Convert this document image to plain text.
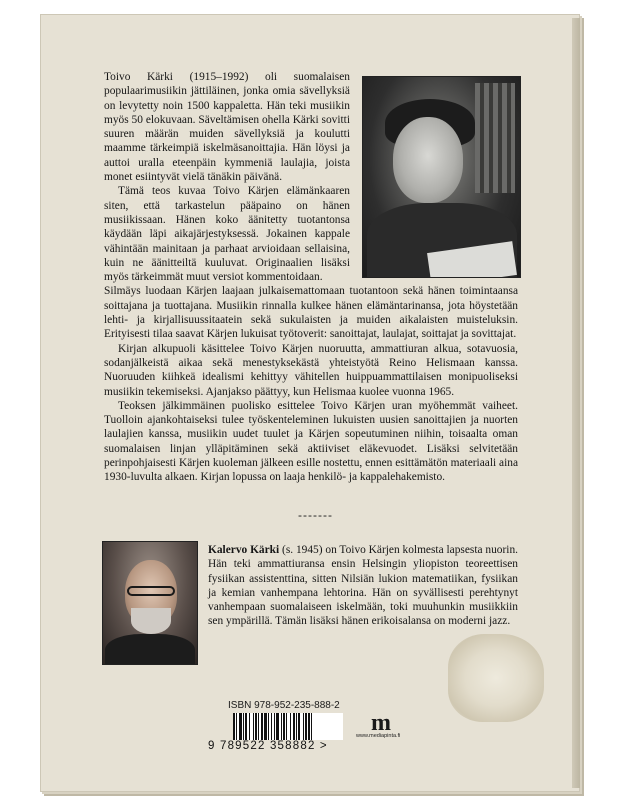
Toivo Kärki (1915–1992) oli suomalaisen populaarimusiikin jättiläinen, jonka omia sävellyksiä on levytetty noin 1500 kappaletta. Hän teki musiikin myös 50 elokuvaan. Säveltämisen ohella Kärki sovitti suuren määrän muiden sävellyksiä ja koulutti maamme tärkeimpiä iskelmäsanoittajia. Hän löysi ja auttoi uralla eteenpäin kymmeniä laulajia, joista monet esiintyvät vielä tänäkin päivänä.

Tämä teos kuvaa Toivo Kärjen elämänkaaren siten, että tarkastelun pääpaino on hänen musiikissaan. Hänen koko äänitetty tuotantonsa käydään läpi aikajärjestyksessä. Jokainen kappale vähintään mainitaan ja parhaat arvioidaan sellaisina, kuin ne äänitteiltä kuuluvat. Originaalien lisäksi myös tärkeimmät muut versiot kommentoidaan.

Silmäys luodaan Kärjen laajaan julkaisemattomaan tuotantoon sekä hänen toimintaansa soittajana ja tuottajana. Musiikin rinnalla kulkee hänen elämäntarinansa, jota höystetään lehti- ja kirjallisuussitaatein sekä sukulaisten ja muiden aikalaisten muisteluksin. Erityisesti tilaa saavat Kärjen lukuisat työtoverit: sanoittajat, laulajat, soittajat ja sovittajat.

Kirjan alkupuoli käsittelee Toivo Kärjen nuoruutta, ammattiuran alkua, sotavuosia, sodanjälkeistä aikaa sekä menestyksekästä yhteistyötä Reino Helismaan kanssa. Nuoruuden kiihkeä idealismi kehittyy vähitellen huippuammattilaisen monipuoliseksi musiikin tekemiseksi. Ajanjakso päättyy, kun Helismaa kuolee vuonna 1965.

Teoksen jälkimmäinen puolisko esittelee Toivo Kärjen uran myöhemmät vaiheet. Tuolloin ajankohtaiseksi tulee työskenteleminen lukuisten uusien sanoittajien ja nuorten laulajien kanssa, musiikin uudet tuulet ja Kärjen sopeutuminen niihin, toisaalta oman suomalaisen linjan ylläpitäminen sekä aktiiviset eläkevuodet. Lisäksi selvitetään perinpohjaisesti Kärjen kuoleman jälkeen esille nostettu, ennen esittämätön materiaali aina 1930-luvulta alkaen. Kirjan lopussa on laaja henkilö- ja kappalehakemisto.

-------
Kalervo Kärki (s. 1945) on Toivo Kärjen kolmesta lapsesta nuorin. Hän teki ammattiuransa ensin Helsingin yliopiston teoreettisen fysiikan assistenttina, sitten Nilsiän lukion matematiikan, fysiikan ja kemian vanhempana lehtorina. Hän on syvällisesti perehtynyt vanhempaan suomalaiseen iskelmään, toki muuhunkin musiikkiin sen ympärillä. Tämän lisäksi hänen erikoisalansa on moderni jazz.
ISBN 978-952-235-888-2
9 789522 358882 >
m
www.mediapinta.fi
